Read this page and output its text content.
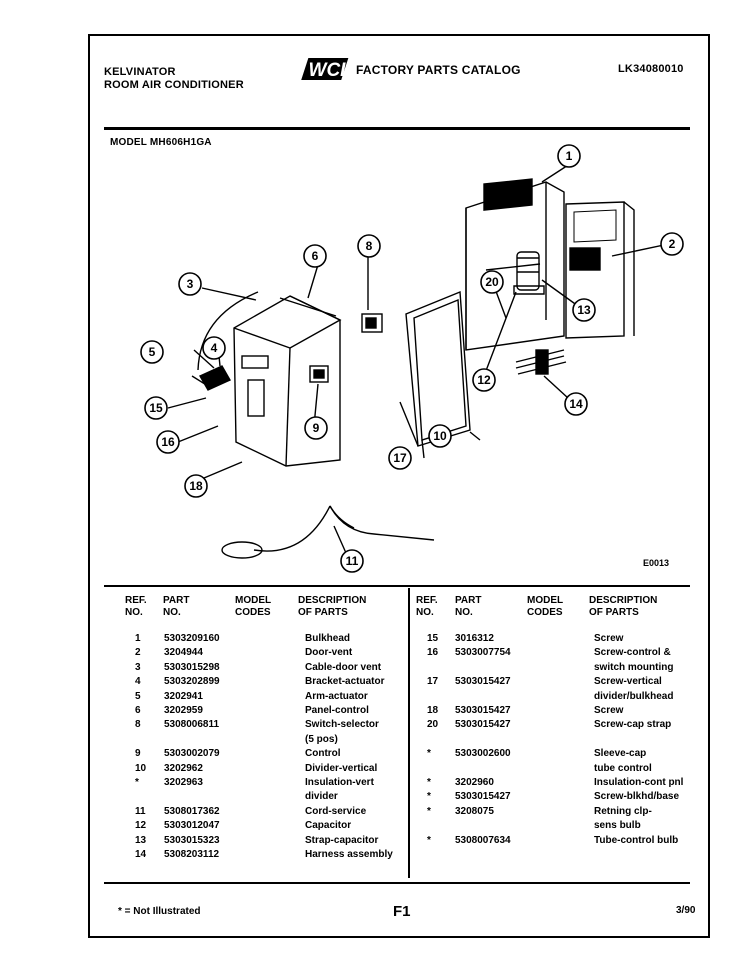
KELVINATOR
ROOM AIR CONDITIONER
WCI FACTORY PARTS CATALOG	LK34080010
MODEL MH606H1GA
1
2
3
4
5
6
8
9
10
11
12
13
14
15
16
17
18
20
E0013
REF.
NO.
PART
NO.
MODEL
CODES
DESCRIPTION
OF PARTS
REF.
NO.
PART
NO.
MODEL
CODES
DESCRIPTION
OF PARTS
1 5303209160	Bulkhead
2 3204944	Door-vent
3 5303015298	Cable-door vent
4 5303202899	Bracket-actuator
5 3202941	Arm-actuator
6 3202959	Panel-control
8 5308006811	Switch-selector
(5 pos)
9 5303002079	Control
10 3202962	Divider-vertical
*	3202963	Insulation-vert
divider
11 5308017362	Cord-service
12 5303012047	Capacitor
13 5303015323	Strap-capacitor
14 5308203112	Harness assembly
15 3016312	Screw
16 5303007754	Screw-control &
switch mounting
17 5303015427	Screw-vertical
divider/bulkhead
18 5303015427	Screw
20 5303015427	Screw-cap strap
* 5303002600	Sleeve-cap
tube control
* 3202960	Insulation-cont pnl
* 5303015427	Screw-blkhd/base
* 3208075	Retning clp-
sens bulb
* 5308007634	Tube-control bulb
* = Not Illustrated	F1	3/90
